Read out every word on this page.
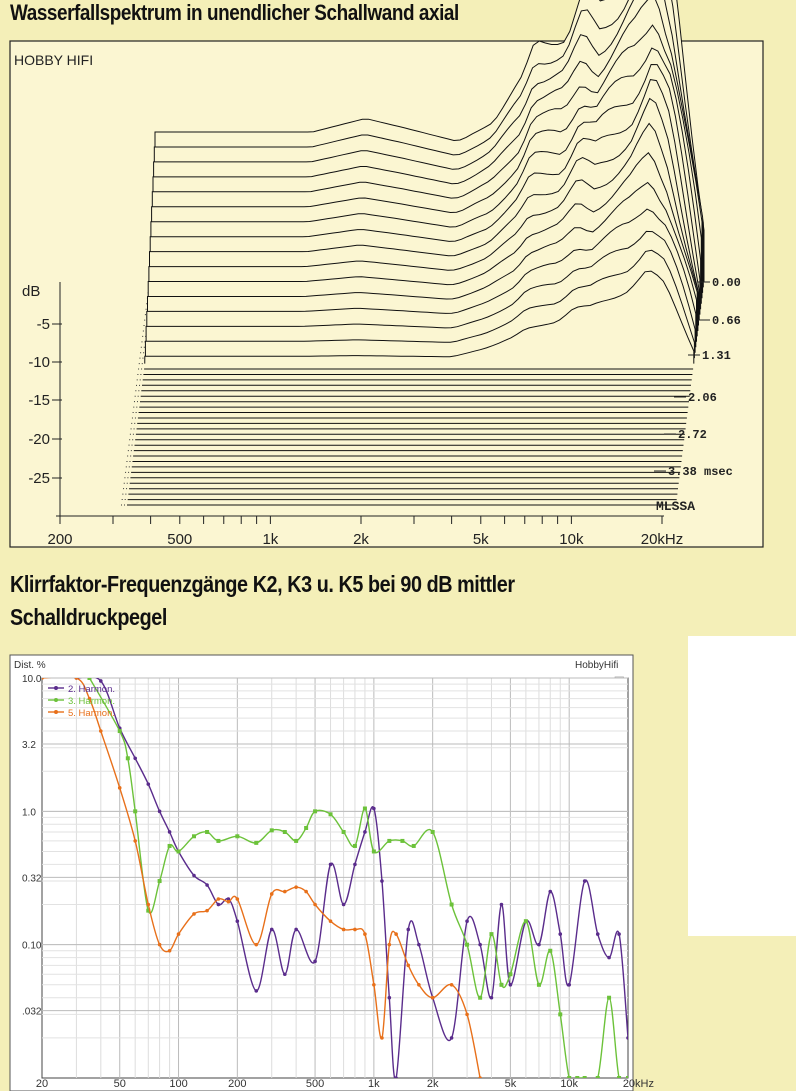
Wasserfallspektrum in unendlicher Schallwand axial
Klirrfaktor-Frequenzgänge K2, K3 u. K5 bei 90 dB mittler
Schalldruckpegel
HOBBY HIFI
dB
-5
-10
-15
-20
-25
200	500	1k	2k	5k	10k	20kHz
0.00
0.66
1.31
2.06
2.72
3.38 msec
MLSSA
Dist. %	HobbyHifi
10.0
3.2
1.0
0.32
0.10
.032
20	50	100	200	500	1k	2k	5k	10k	20kHz
2. Harmon.
3. Harmon.
5. Harmon.
